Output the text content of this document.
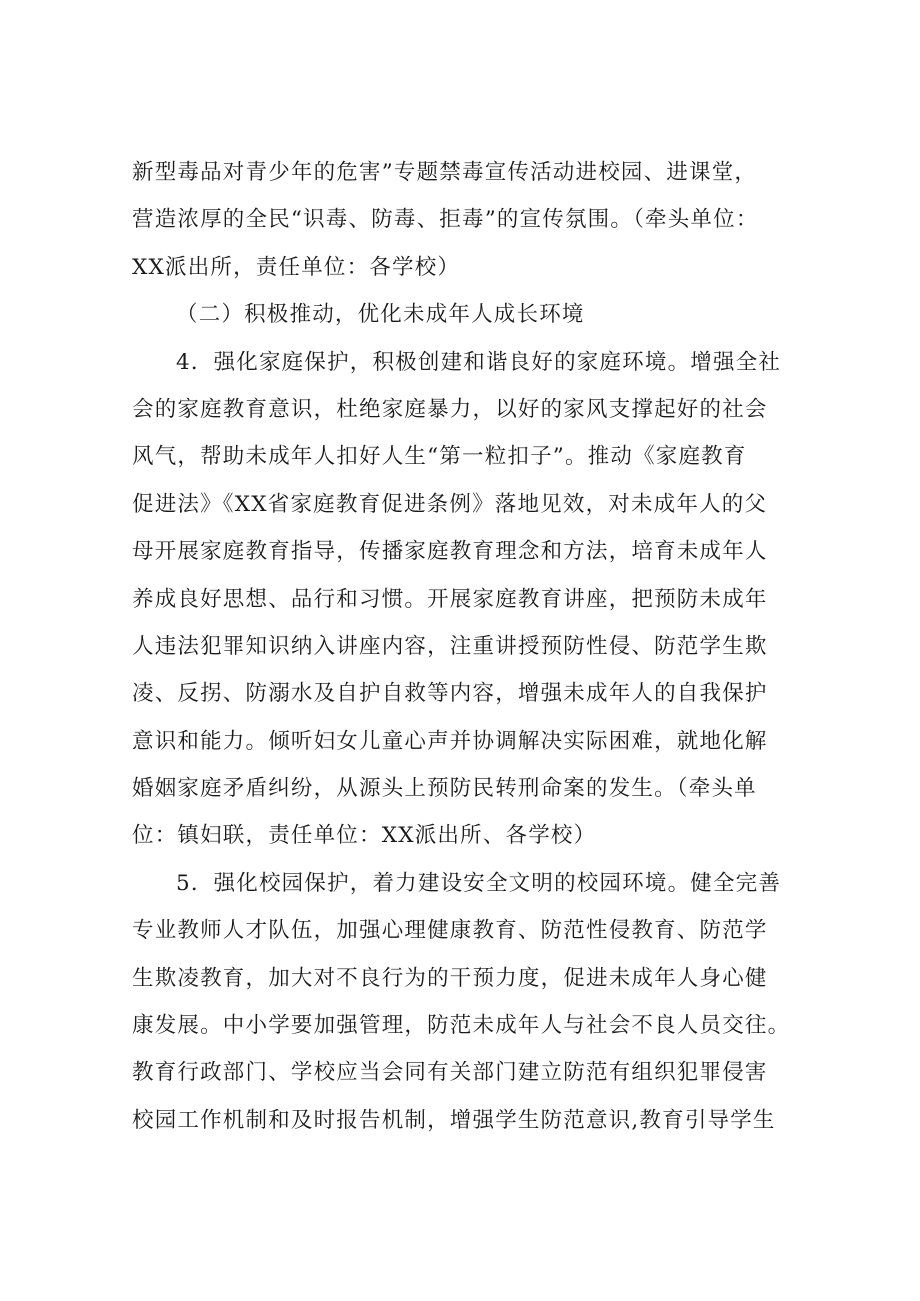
新型毒品对青少年的危害”专题禁毒宣传活动进校园、进课堂，
营造浓厚的全民“识毒、防毒、拒毒”的宣传氛围。（牵头单位：
XX派出所，责任单位：各学校）
（二）积极推动，优化未成年人成长环境
4．强化家庭保护，积极创建和谐良好的家庭环境。增强全社
会的家庭教育意识，杜绝家庭暴力，以好的家风支撑起好的社会
风气，帮助未成年人扣好人生“第一粒扣子”。推动《家庭教育
促进法》《XX省家庭教育促进条例》落地见效，对未成年人的父
母开展家庭教育指导，传播家庭教育理念和方法，培育未成年人
养成良好思想、品行和习惯。开展家庭教育讲座，把预防未成年
人违法犯罪知识纳入讲座内容，注重讲授预防性侵、防范学生欺
凌、反拐、防溺水及自护自救等内容，增强未成年人的自我保护
意识和能力。倾听妇女儿童心声并协调解决实际困难，就地化解
婚姻家庭矛盾纠纷，从源头上预防民转刑命案的发生。（牵头单
位：镇妇联，责任单位：XX派出所、各学校）
5．强化校园保护，着力建设安全文明的校园环境。健全完善
专业教师人才队伍，加强心理健康教育、防范性侵教育、防范学
生欺凌教育，加大对不良行为的干预力度，促进未成年人身心健
康发展。中小学要加强管理，防范未成年人与社会不良人员交往。
教育行政部门、学校应当会同有关部门建立防范有组织犯罪侵害
校园工作机制和及时报告机制，增强学生防范意识,教育引导学生
